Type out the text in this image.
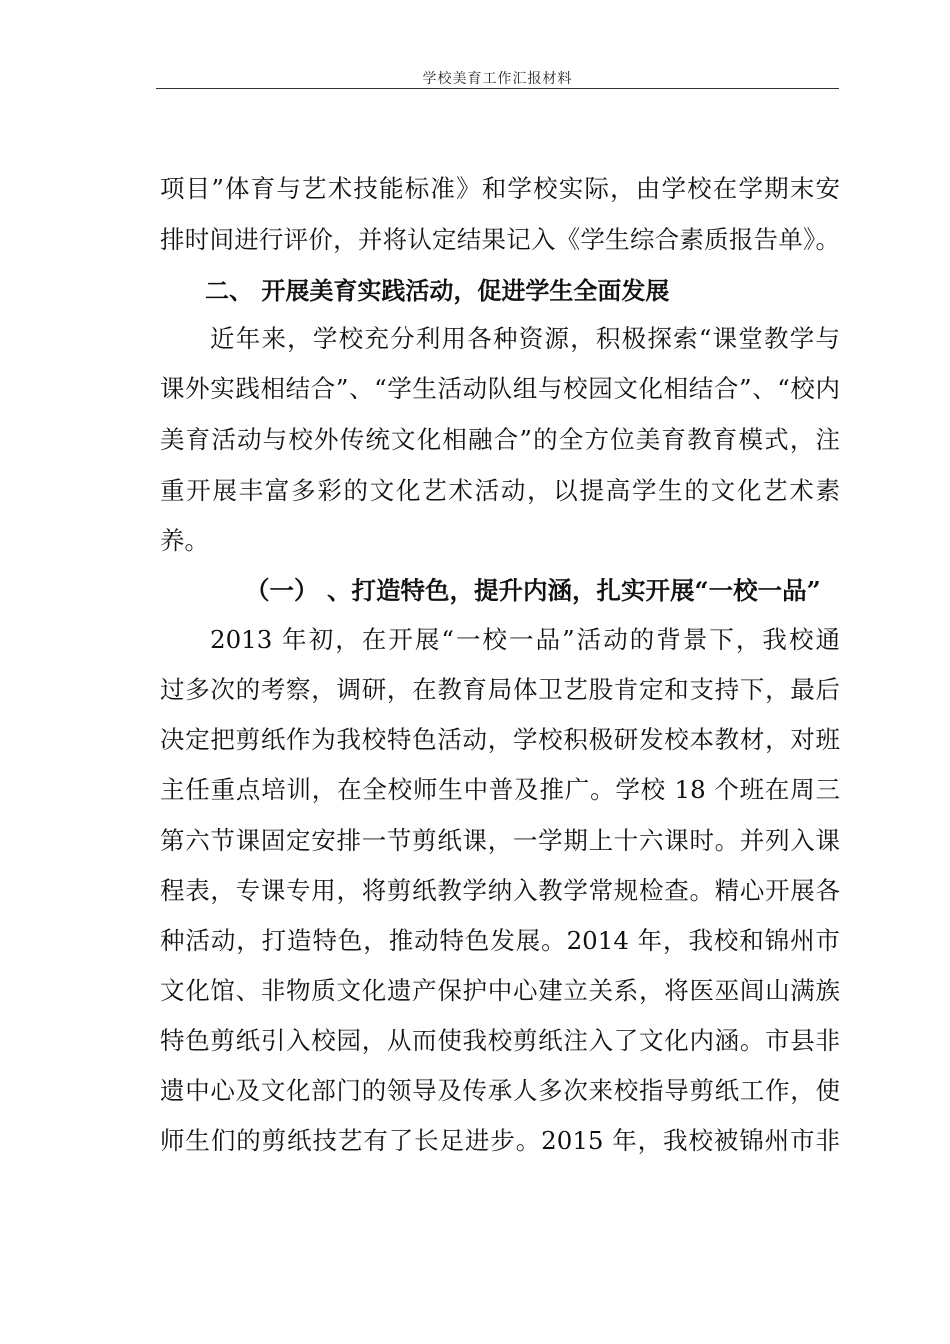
学校美育工作汇报材料
项目”体育与艺术技能标准》和学校实际，由学校在学期末安
排时间进行评价，并将认定结果记入《学生综合素质报告单》。
二、 开展美育实践活动，促进学生全面发展
近年来，学校充分利用各种资源，积极探索“课堂教学与
课外实践相结合”、“学生活动队组与校园文化相结合”、“校内
美育活动与校外传统文化相融合”的全方位美育教育模式，注
重开展丰富多彩的文化艺术活动，以提高学生的文化艺术素
养。
（一） 、打造特色，提升内涵，扎实开展“一校一品”
2013 年初，在开展“一校一品”活动的背景下，我校通
过多次的考察，调研，在教育局体卫艺股肯定和支持下，最后
决定把剪纸作为我校特色活动，学校积极研发校本教材，对班
主任重点培训，在全校师生中普及推广。学校 18 个班在周三
第六节课固定安排一节剪纸课，一学期上十六课时。并列入课
程表，专课专用，将剪纸教学纳入教学常规检查。精心开展各
种活动，打造特色，推动特色发展。2014 年，我校和锦州市
文化馆、非物质文化遗产保护中心建立关系，将医巫闾山满族
特色剪纸引入校园，从而使我校剪纸注入了文化内涵。市县非
遗中心及文化部门的领导及传承人多次来校指导剪纸工作，使
师生们的剪纸技艺有了长足进步。2015 年，我校被锦州市非
